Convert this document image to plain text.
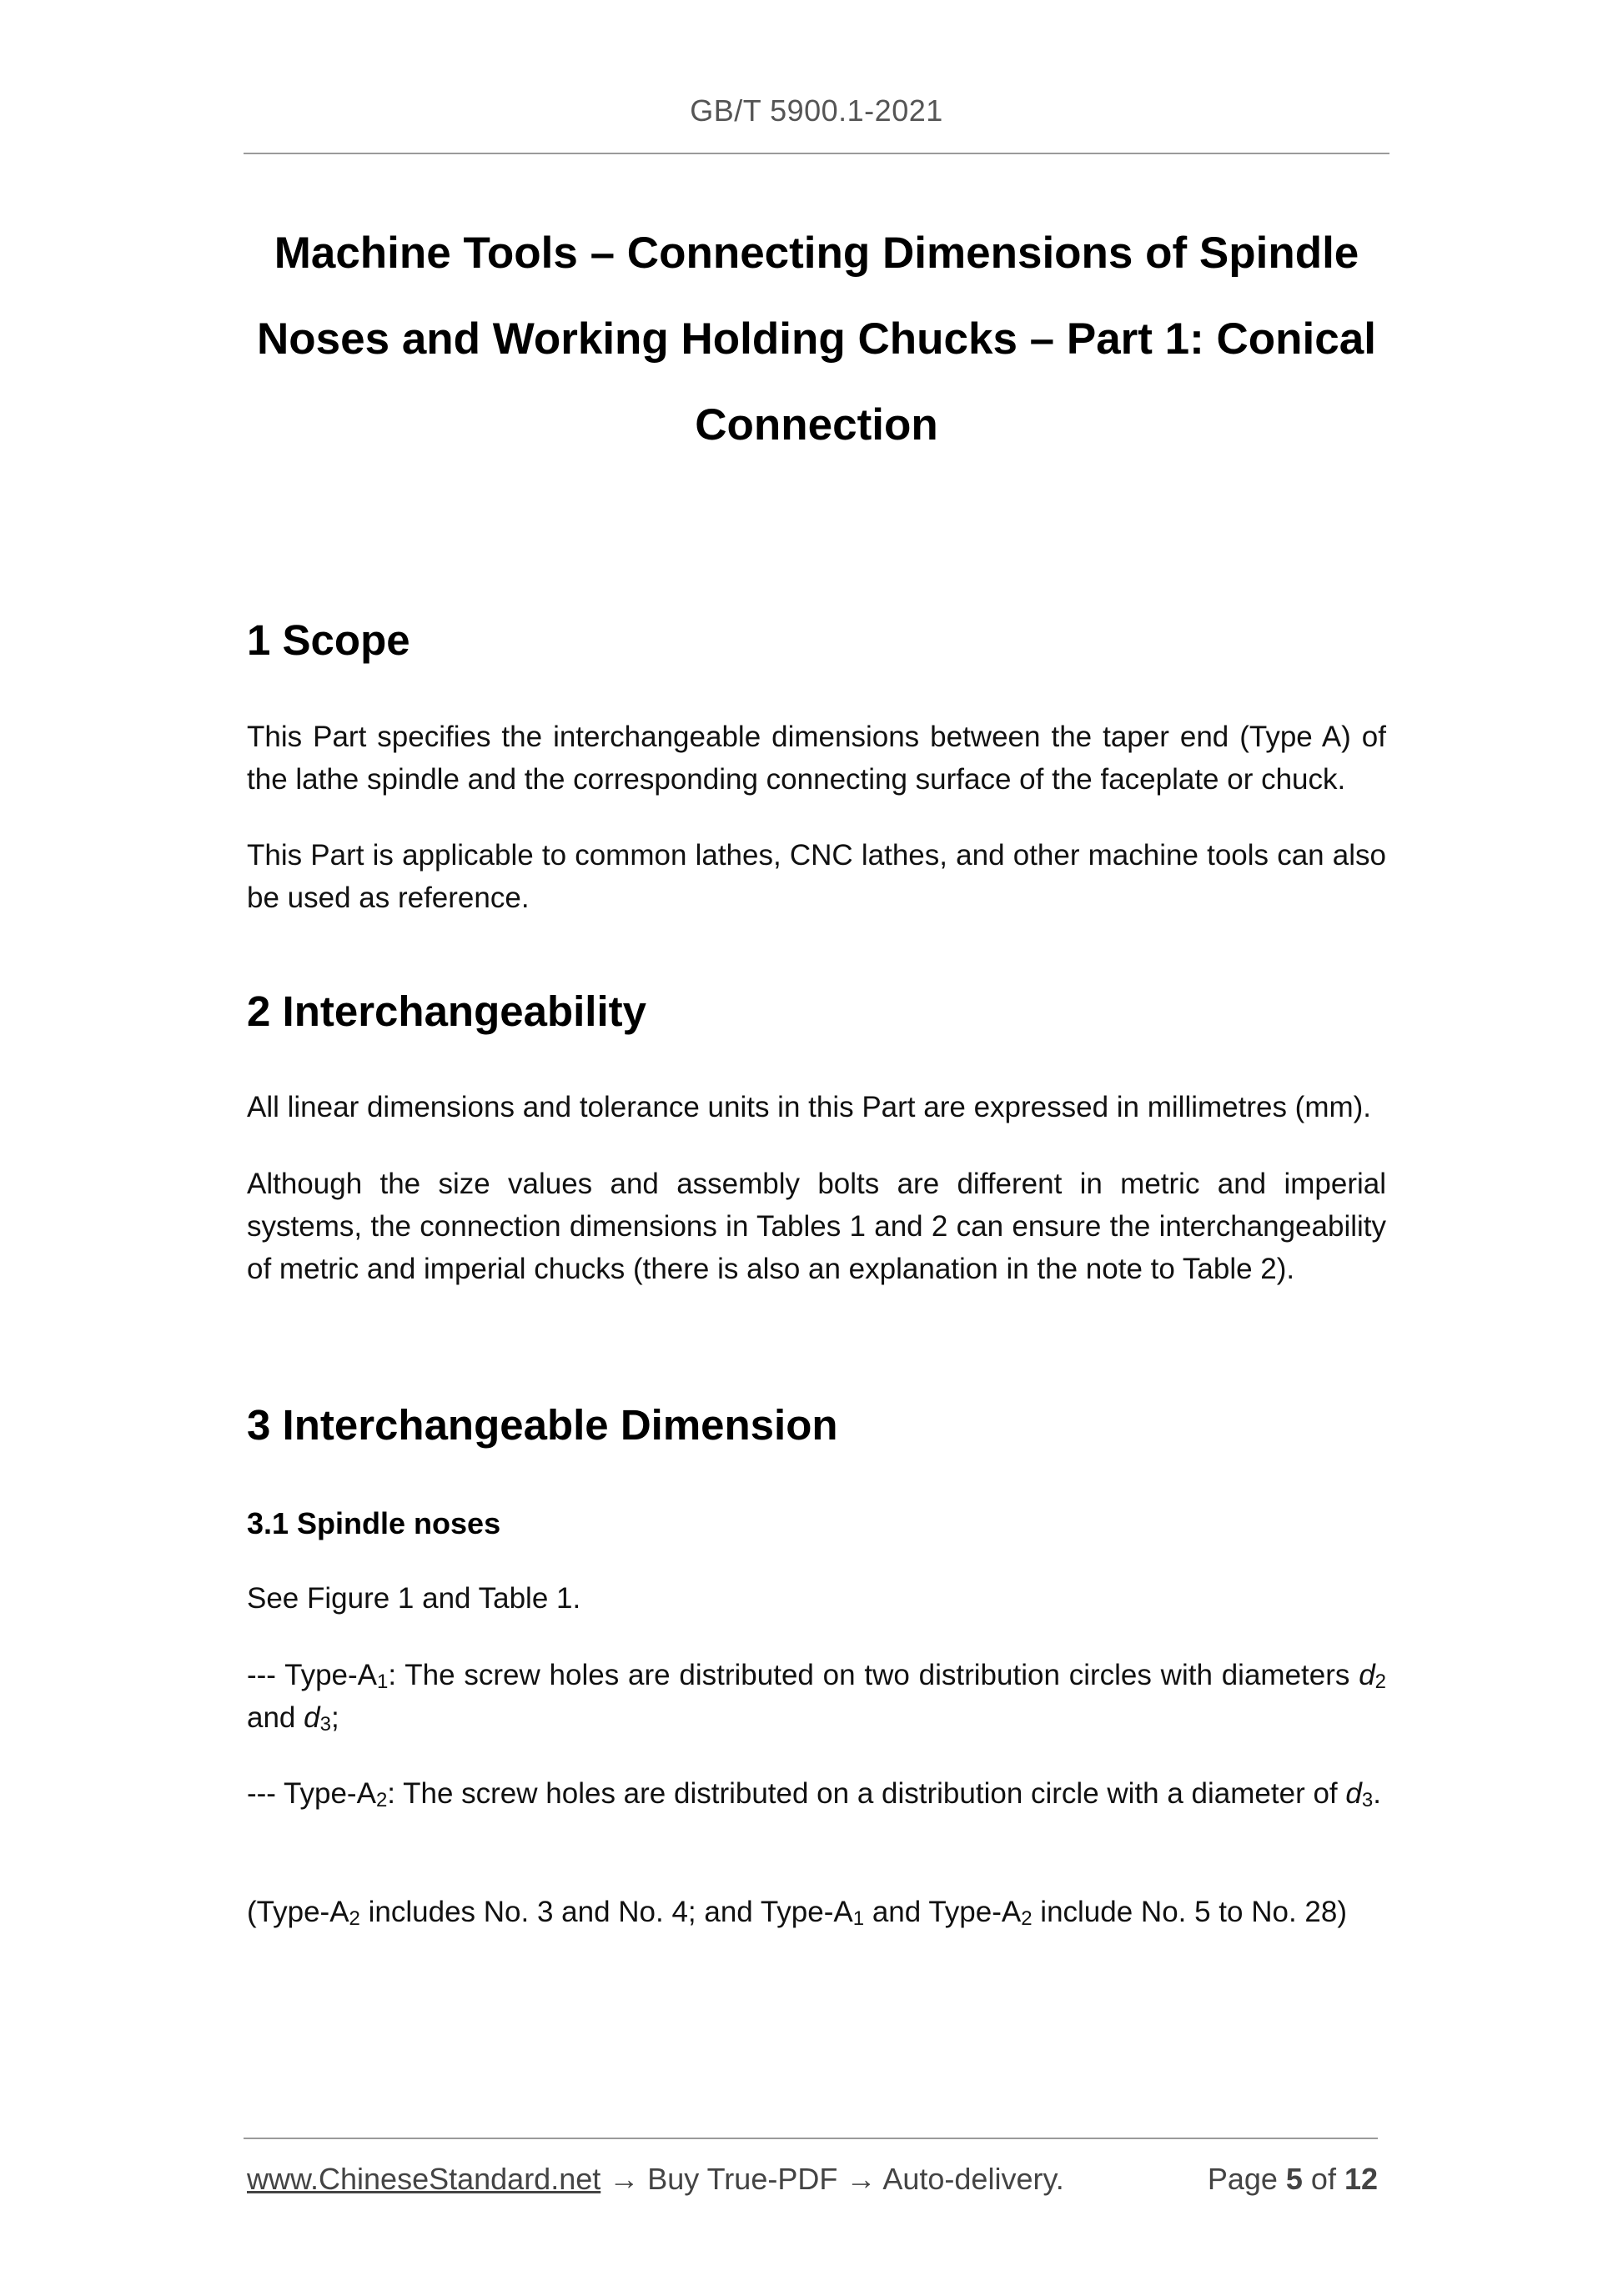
GB/T 5900.1-2021
Machine Tools – Connecting Dimensions of Spindle
Noses and Working Holding Chucks – Part 1: Conical
Connection
1 Scope

This Part specifies the interchangeable dimensions between the taper end (Type A) of the lathe spindle and the corresponding connecting surface of the faceplate or chuck.

This Part is applicable to common lathes, CNC lathes, and other machine tools can also be used as reference.

2 Interchangeability

All linear dimensions and tolerance units in this Part are expressed in millimetres (mm).

Although the size values and assembly bolts are different in metric and imperial systems, the connection dimensions in Tables 1 and 2 can ensure the interchangeability of metric and imperial chucks (there is also an explanation in the note to Table 2).

3 Interchangeable Dimension
3.1 Spindle noses

See Figure 1 and Table 1.

--- Type-$A_1$: The screw holes are distributed on two distribution circles with diameters $d_2$ and $d_3$;

--- Type-$A_2$: The screw holes are distributed on a distribution circle with a diameter of $d_3$.

($Type-A_2$ includes No. 3 and No. 4; and Type-$A_1$ and Type-$A_2$ include No. 5 to No. 28)

www.ChineseStandard.net → Buy True-PDF → Auto-delivery.	Page 5 of 12
